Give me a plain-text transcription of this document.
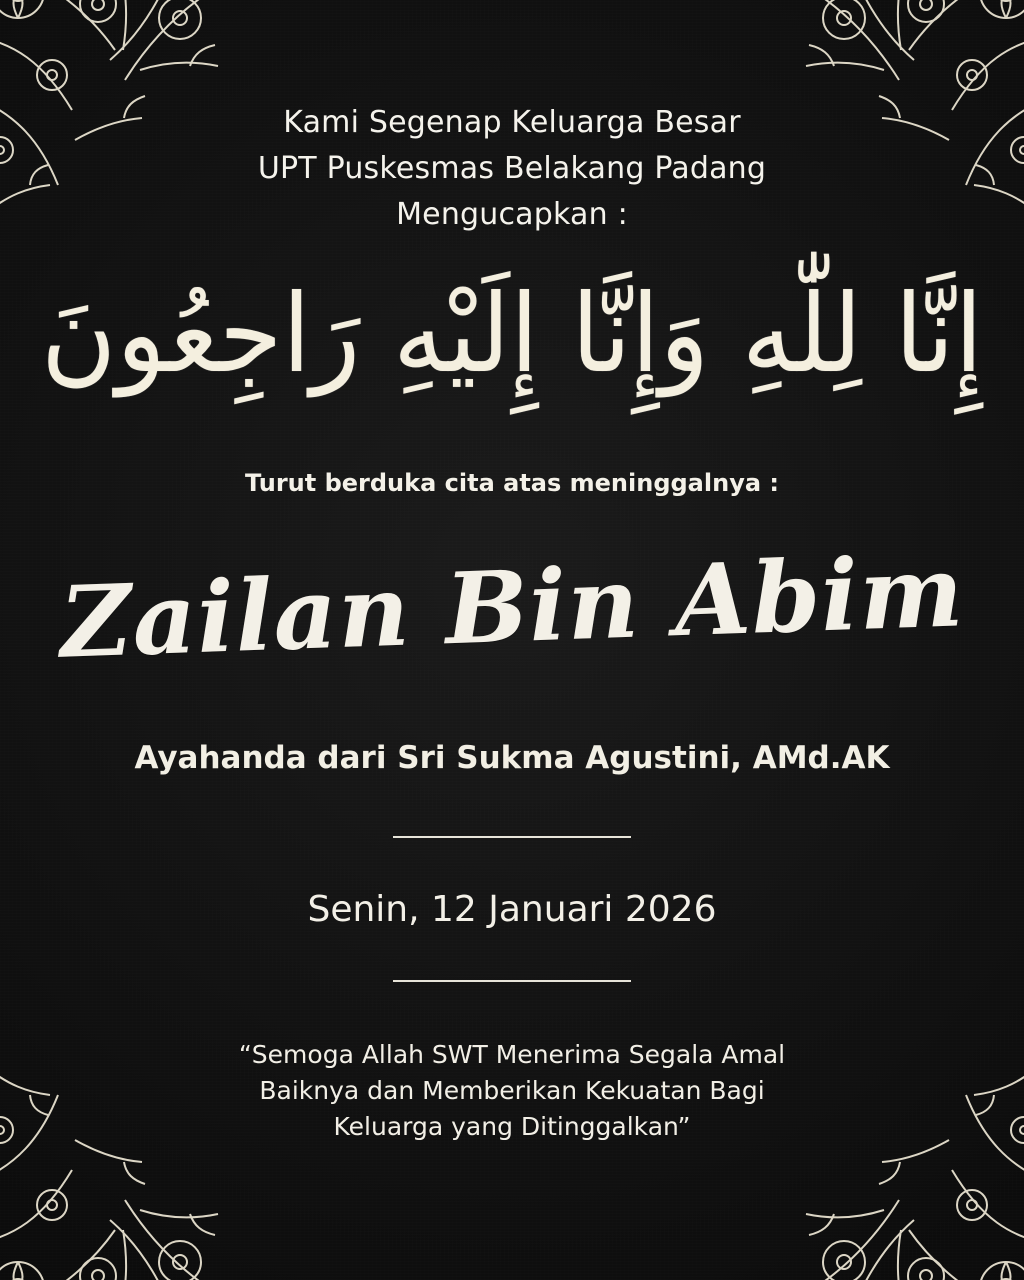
Kami Segenap Keluarga Besar
UPT Puskesmas Belakang Padang
Mengucapkan :
إِنَّا لِلّٰهِ وَإِنَّا إِلَيْهِ رَاجِعُونَ
Turut berduka cita atas meninggalnya :
Zailan Bin Abim
Ayahanda dari Sri Sukma Agustini, AMd.AK
Senin, 12 Januari 2026
“Semoga Allah SWT Menerima Segala Amal
Baiknya dan Memberikan Kekuatan Bagi
Keluarga yang Ditinggalkan”
